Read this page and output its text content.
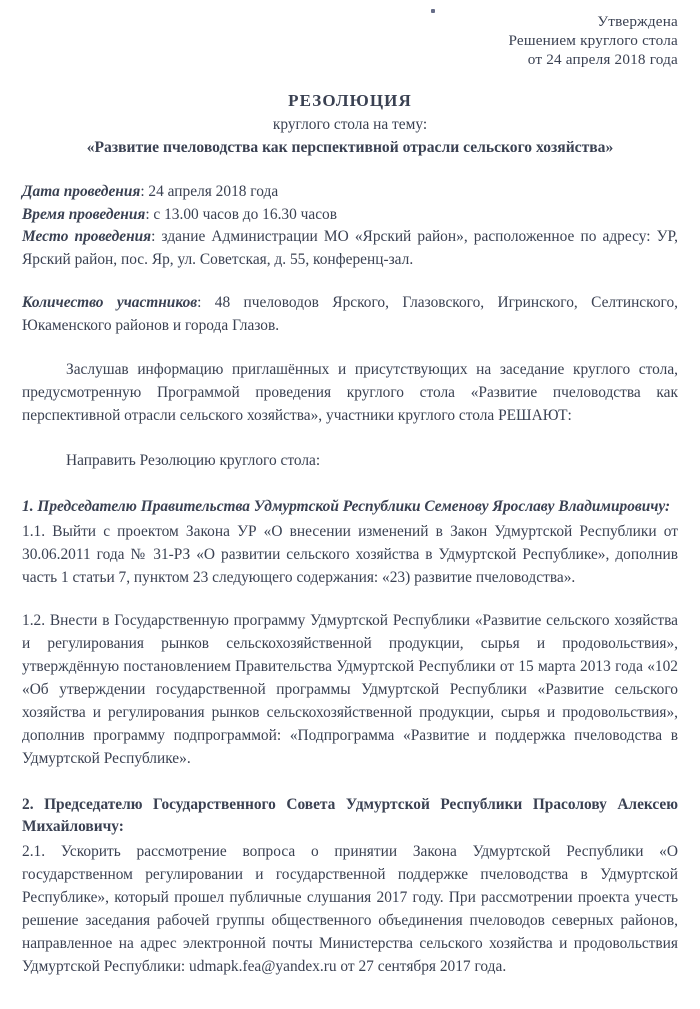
Утверждена
Решением круглого стола
от 24 апреля 2018 года
РЕЗОЛЮЦИЯ
круглого стола на тему:
«Развитие пчеловодства как перспективной отрасли сельского хозяйства»

Дата проведения: 24 апреля 2018 года

Время проведения: с 13.00 часов до 16.30 часов

Место проведения: здание Администрации МО «Ярский район», расположенное по адресу: УР, Ярский район, пос. Яр, ул. Советская, д. 55, конференц-зал.

Количество участников: 48 пчеловодов Ярского, Глазовского, Игринского, Селтинского, Юкаменского районов и города Глазов.

Заслушав информацию приглашённых и присутствующих на заседание круглого стола, предусмотренную Программой проведения круглого стола «Развитие пчеловодства как перспективной отрасли сельского хозяйства», участники круглого стола РЕШАЮТ:

Направить Резолюцию круглого стола:

1. Председателю Правительства Удмуртской Республики Семенову Ярославу Владимировичу:

1.1. Выйти с проектом Закона УР «О внесении изменений в Закон Удмуртской Республики от 30.06.2011 года № 31-РЗ «О развитии сельского хозяйства в Удмуртской Республике», дополнив часть 1 статьи 7, пунктом 23 следующего содержания: «23) развитие пчеловодства».

1.2. Внести в Государственную программу Удмуртской Республики «Развитие сельского хозяйства и регулирования рынков сельскохозяйственной продукции, сырья и продовольствия», утверждённую постановлением Правительства Удмуртской Республики от 15 марта 2013 года «102 «Об утверждении государственной программы Удмуртской Республики «Развитие сельского хозяйства и регулирования рынков сельскохозяйственной продукции, сырья и продовольствия», дополнив программу подпрограммой: «Подпрограмма «Развитие и поддержка пчеловодства в Удмуртской Республике».

2. Председателю Государственного Совета Удмуртской Республики Прасолову Алексею Михайловичу:

2.1. Ускорить рассмотрение вопроса о принятии Закона Удмуртской Республики «О государственном регулировании и государственной поддержке пчеловодства в Удмуртской Республике», который прошел публичные слушания 2017 году. При рассмотрении проекта учесть решение заседания рабочей группы общественного объединения пчеловодов северных районов, направленное на адрес электронной почты Министерства сельского хозяйства и продовольствия Удмуртской Республики: udmapk.fea@yandex.ru от 27 сентября 2017 года.
